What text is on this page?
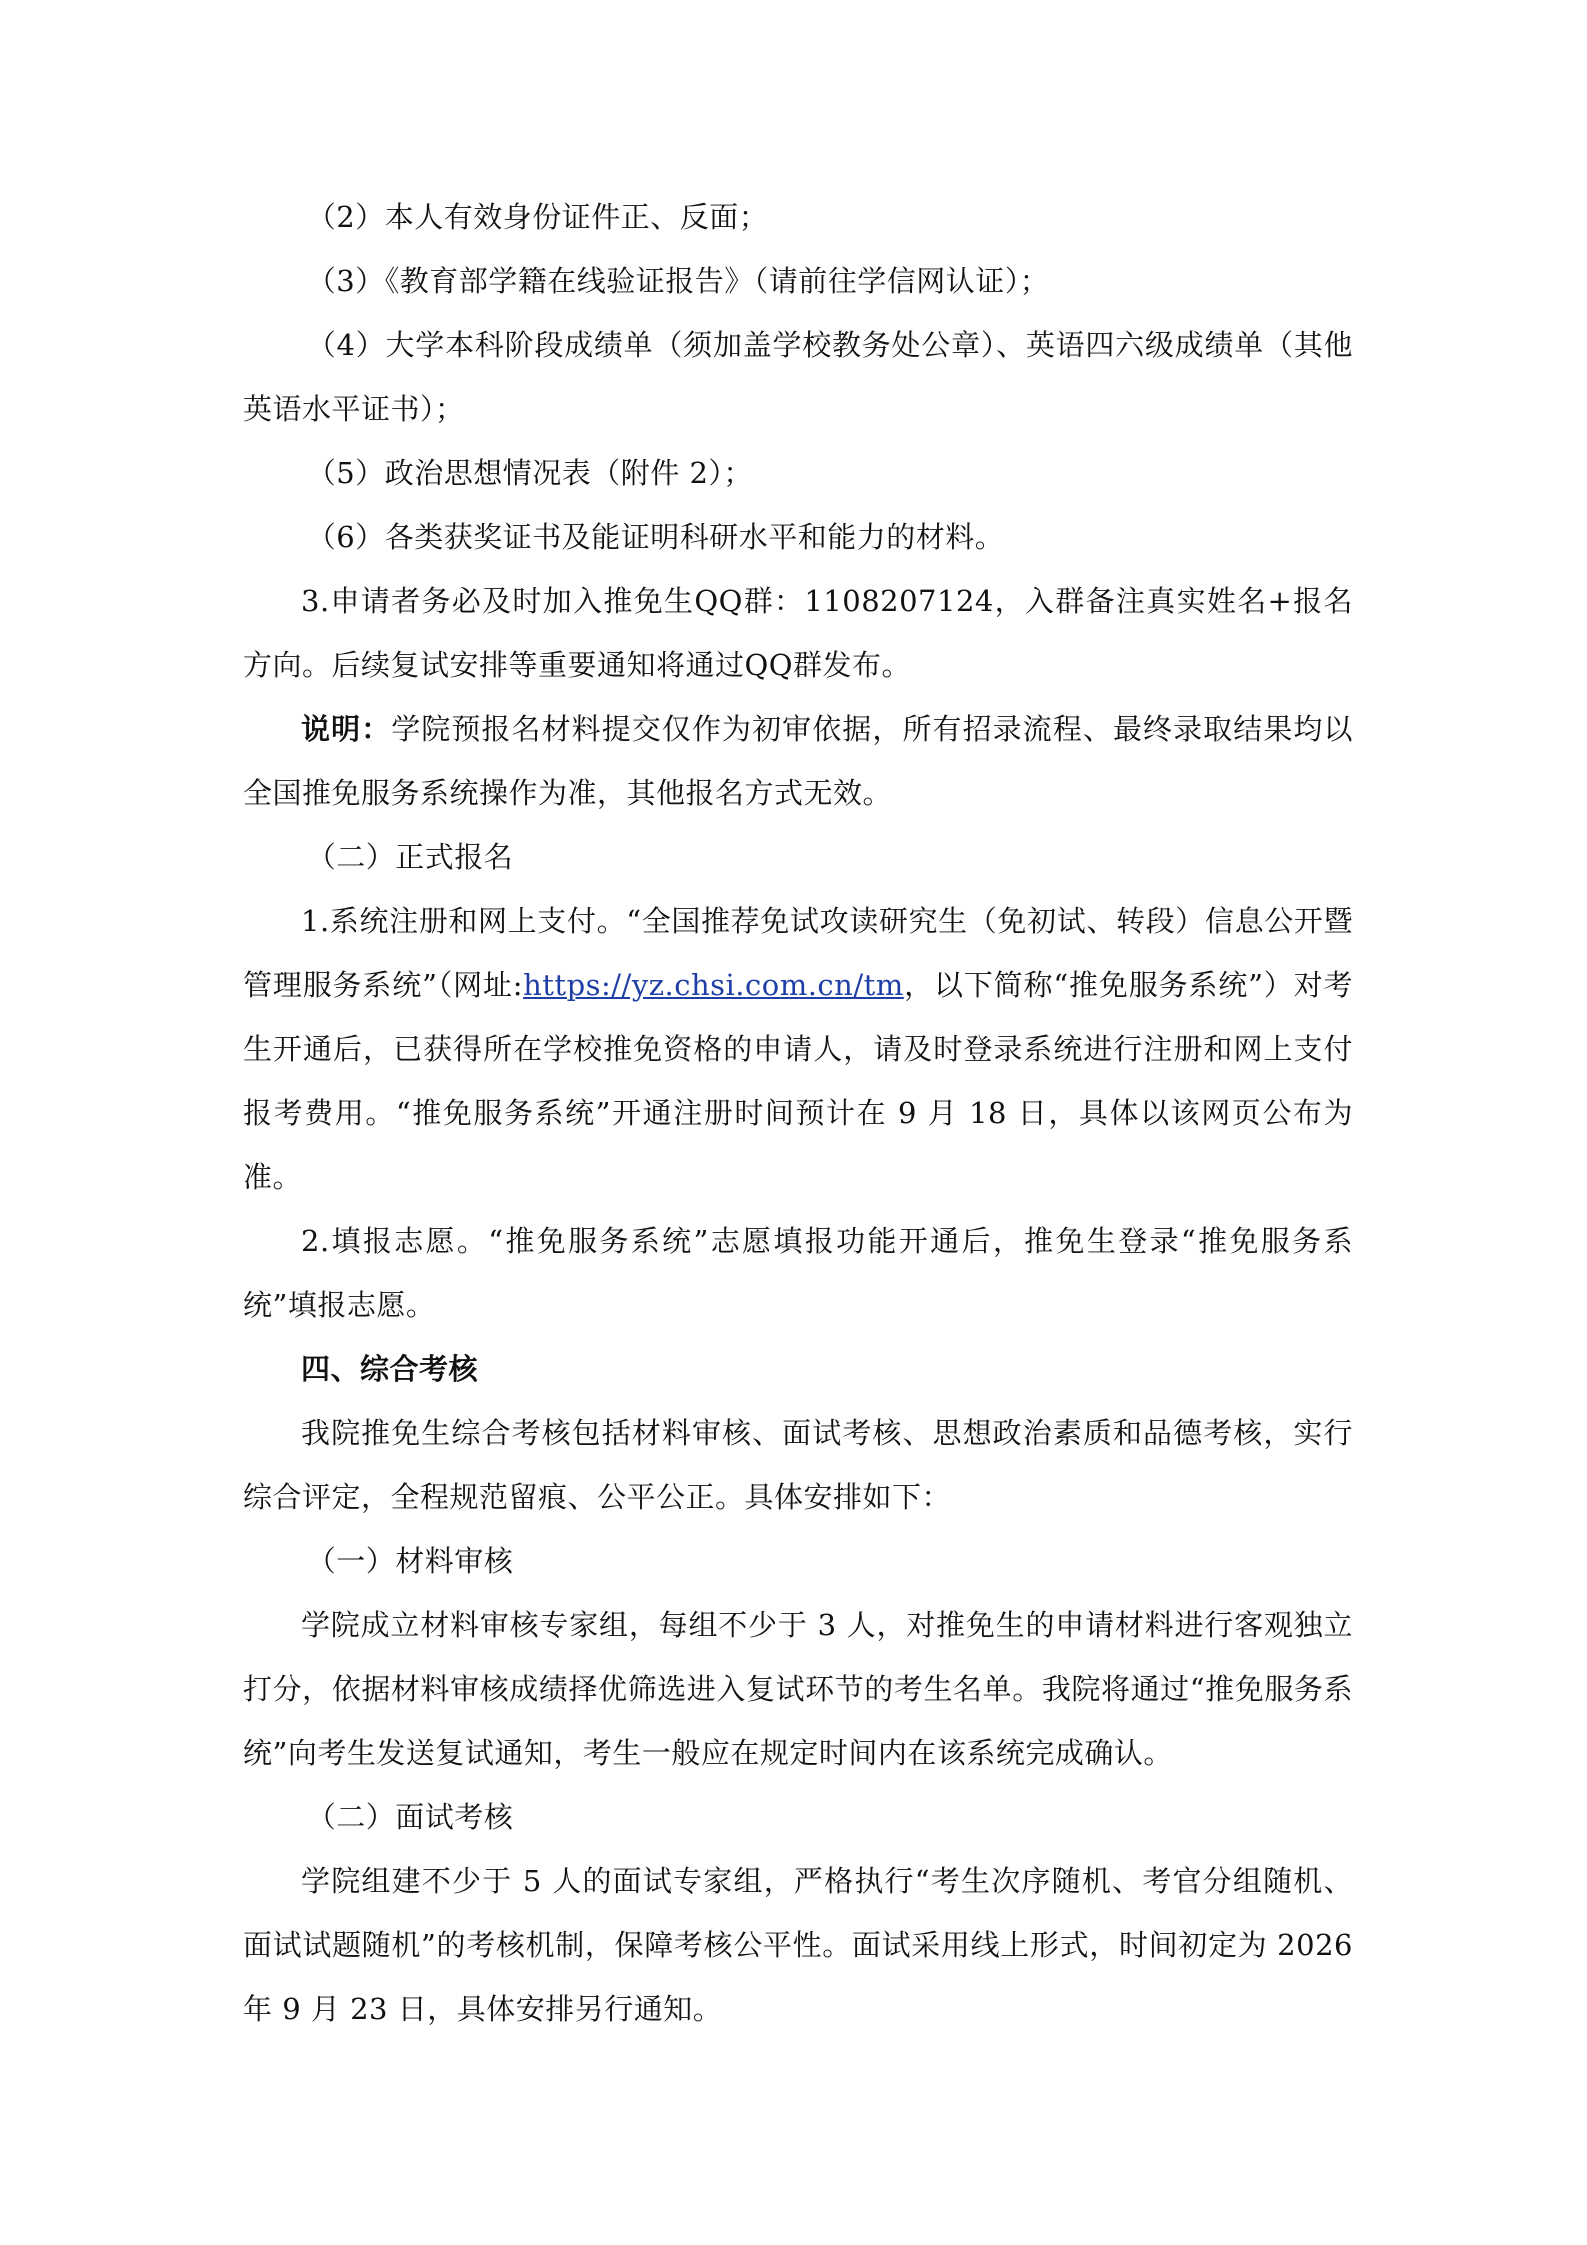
（2）本人有效身份证件正、反面；

（3）《教育部学籍在线验证报告》（请前往学信网认证）；

（4）大学本科阶段成绩单（须加盖学校教务处公章）、英语四六级成绩单（其他英语水平证书）；

（5）政治思想情况表（附件 2）；

（6）各类获奖证书及能证明科研水平和能力的材料。

3.申请者务必及时加入推免生QQ群：1108207124，入群备注真实姓名+报名方向。后续复试安排等重要通知将通过QQ群发布。

说明：学院预报名材料提交仅作为初审依据，所有招录流程、最终录取结果均以全国推免服务系统操作为准，其他报名方式无效。

（二）正式报名

1.系统注册和网上支付。“全国推荐免试攻读研究生（免初试、转段）信息公开暨管理服务系统”（网址:https://yz.chsi.com.cn/tm，以下简称“推免服务系统”）对考生开通后，已获得所在学校推免资格的申请人，请及时登录系统进行注册和网上支付报考费用。“推免服务系统”开通注册时间预计在 9 月 18 日，具体以该网页公布为准。

2.填报志愿。“推免服务系统”志愿填报功能开通后，推免生登录“推免服务系统”填报志愿。

四、综合考核

我院推免生综合考核包括材料审核、面试考核、思想政治素质和品德考核，实行综合评定，全程规范留痕、公平公正。具体安排如下：

（一）材料审核

学院成立材料审核专家组，每组不少于 3 人，对推免生的申请材料进行客观独立打分，依据材料审核成绩择优筛选进入复试环节的考生名单。我院将通过“推免服务系统”向考生发送复试通知，考生一般应在规定时间内在该系统完成确认。

（二）面试考核

学院组建不少于 5 人的面试专家组，严格执行“考生次序随机、考官分组随机、面试试题随机”的考核机制，保障考核公平性。面试采用线上形式，时间初定为 2026 年 9 月 23 日，具体安排另行通知。
